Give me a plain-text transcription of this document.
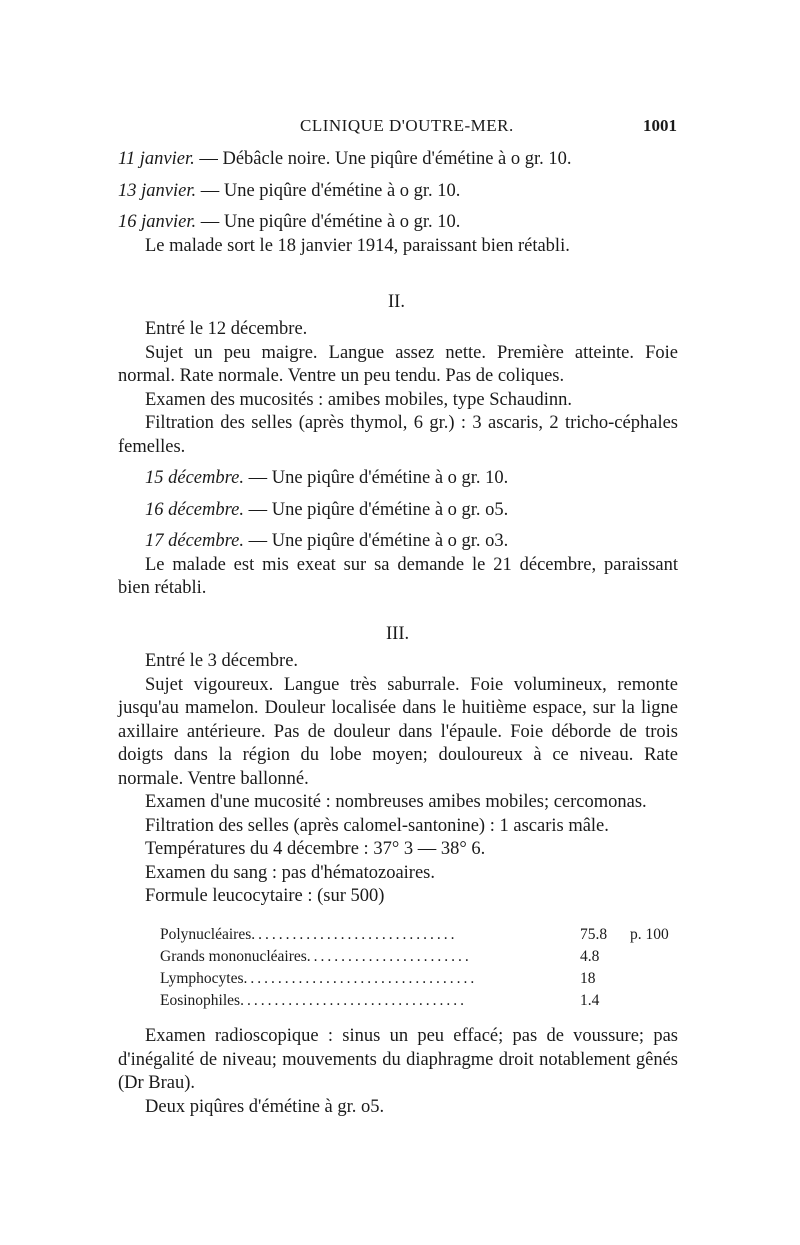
CLINIQUE D'OUTRE-MER.	1001

11 janvier. — Débâcle noire. Une piqûre d'émétine à o gr. 10.

13 janvier. — Une piqûre d'émétine à o gr. 10.

16 janvier. — Une piqûre d'émétine à o gr. 10.

Le malade sort le 18 janvier 1914, paraissant bien rétabli.

II.

Entré le 12 décembre.

Sujet un peu maigre. Langue assez nette. Première atteinte. Foie normal. Rate normale. Ventre un peu tendu. Pas de coliques.

Examen des mucosités : amibes mobiles, type Schaudinn.

Filtration des selles (après thymol, 6 gr.) : 3 ascaris, 2 tricho-céphales femelles.

15 décembre. — Une piqûre d'émétine à o gr. 10.

16 décembre. — Une piqûre d'émétine à o gr. o5.

17 décembre. — Une piqûre d'émétine à o gr. o3.

Le malade est mis exeat sur sa demande le 21 décembre, paraissant bien rétabli.

III.

Entré le 3 décembre.

Sujet vigoureux. Langue très saburrale. Foie volumineux, remonte jusqu'au mamelon. Douleur localisée dans le huitième espace, sur la ligne axillaire antérieure. Pas de douleur dans l'épaule. Foie déborde de trois doigts dans la région du lobe moyen; douloureux à ce niveau. Rate normale. Ventre ballonné.

Examen d'une mucosité : nombreuses amibes mobiles; cercomonas.

Filtration des selles (après calomel-santonine) : 1 ascaris mâle.

Températures du 4 décembre : 37° 3 — 38° 6.

Examen du sang : pas d'hématozoaires.

Formule leucocytaire : (sur 500)

Polynucléaires..............................	75.8	p. 100
Grands mononucléaires........................	4.8	
Lymphocytes..................................	18	
Eosinophiles.................................	1.4	

Examen radioscopique : sinus un peu effacé; pas de voussure; pas d'inégalité de niveau; mouvements du diaphragme droit notablement gênés (Dr Brau).

Deux piqûres d'émétine à gr. o5.
